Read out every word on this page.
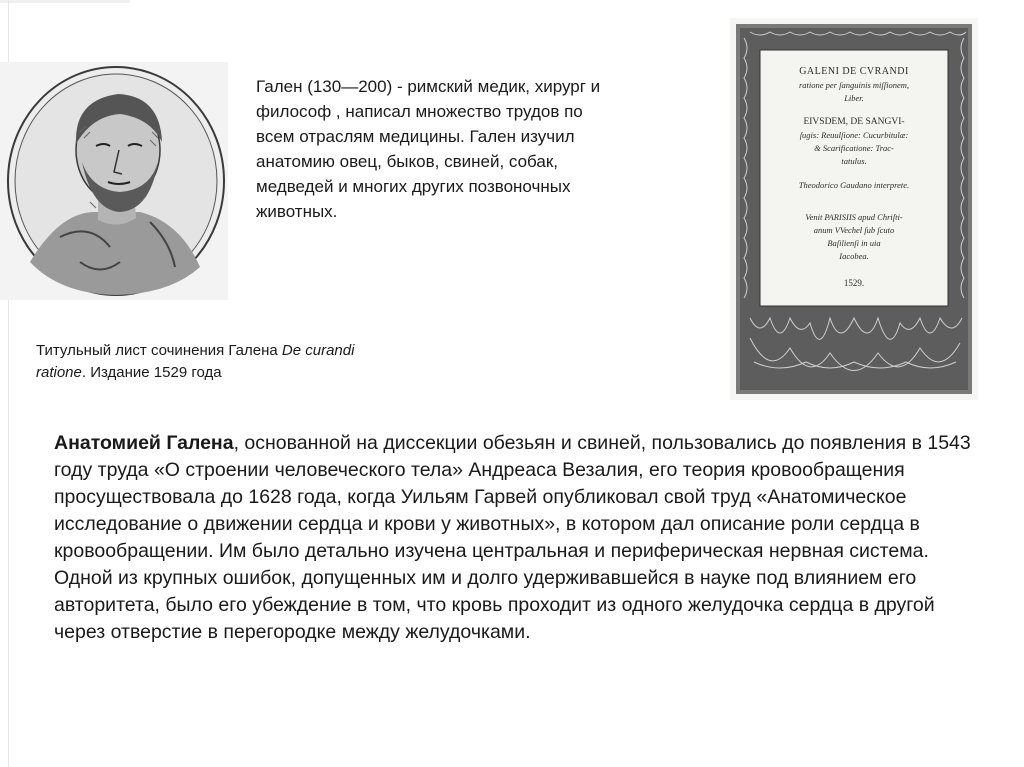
Гален (130—200) - римский медик, хирург и философ , написал множество трудов по всем отраслям медицины. Гален изучил анатомию овец, быков, свиней, собак, медведей и многих других позвоночных животных.

GALENI DE CVRANDI
ratione per ſanguinis miſſionem,
Liber.
EIVSDEM, DE SANGVI-
ſugis: Reuulſione: Cucurbitulæ:
& Scarificatione: Trac-
tatulus.
Theodorico Gaudano interprete.
Venit PARISIIS apud Chriſti-
anum VVechel ſub ſcuto
Baſilienſi in uia
Iacobea.
1529.
Титульный лист сочинения Галена De curandi ratione. Издание 1529 года
Анатомией Галена, основанной на диссекции обезьян и свиней, пользовались до появления в 1543 году труда «О строении человеческого тела» Андреаса Везалия, его теория кровообращения просуществовала до 1628 года, когда Уильям Гарвей опубликовал свой труд «Анатомическое исследование о движении сердца и крови у животных», в котором дал описание роли сердца в кровообращении. Им было детально изучена центральная и периферическая нервная система. Одной из крупных ошибок, допущенных им и долго удерживавшейся в науке под влиянием его авторитета, было его убеждение в том, что кровь проходит из одного желудочка сердца в другой через отверстие в перегородке между желудочками.
